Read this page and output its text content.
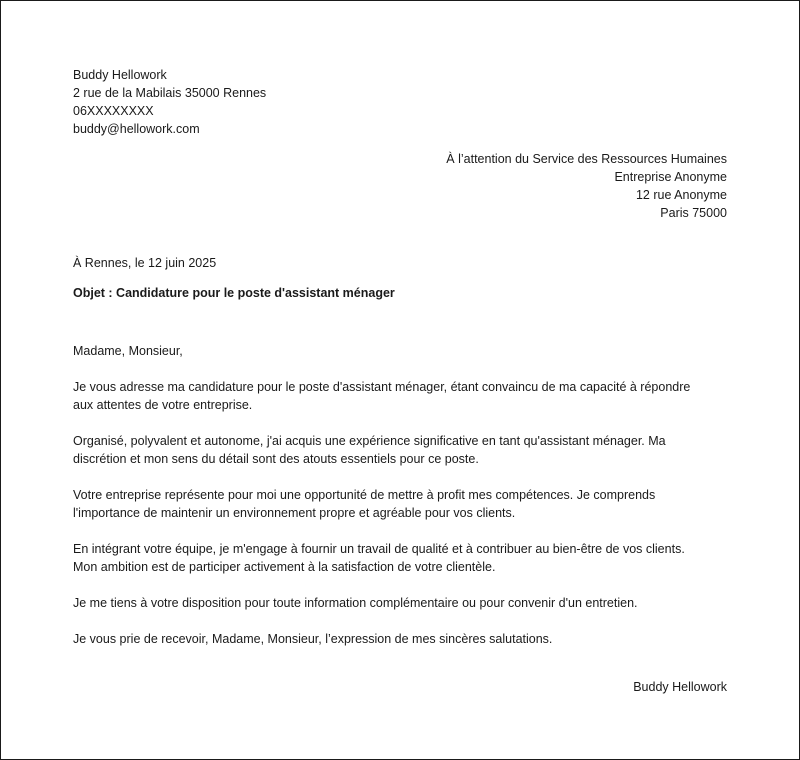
Buddy Hellowork
2 rue de la Mabilais 35000 Rennes
06XXXXXXXX
buddy@hellowork.com
À l’attention du Service des Ressources Humaines
Entreprise Anonyme
12 rue Anonyme
Paris 75000
À Rennes, le 12 juin 2025
Objet : Candidature pour le poste d'assistant ménager

Madame, Monsieur,

Je vous adresse ma candidature pour le poste d'assistant ménager, étant convaincu de ma capacité à répondre
aux attentes de votre entreprise.

Organisé, polyvalent et autonome, j'ai acquis une expérience significative en tant qu'assistant ménager. Ma
discrétion et mon sens du détail sont des atouts essentiels pour ce poste.

Votre entreprise représente pour moi une opportunité de mettre à profit mes compétences. Je comprends
l'importance de maintenir un environnement propre et agréable pour vos clients.

En intégrant votre équipe, je m'engage à fournir un travail de qualité et à contribuer au bien-être de vos clients.
Mon ambition est de participer activement à la satisfaction de votre clientèle.

Je me tiens à votre disposition pour toute information complémentaire ou pour convenir d'un entretien.

Je vous prie de recevoir, Madame, Monsieur, l’expression de mes sincères salutations.

Buddy Hellowork
